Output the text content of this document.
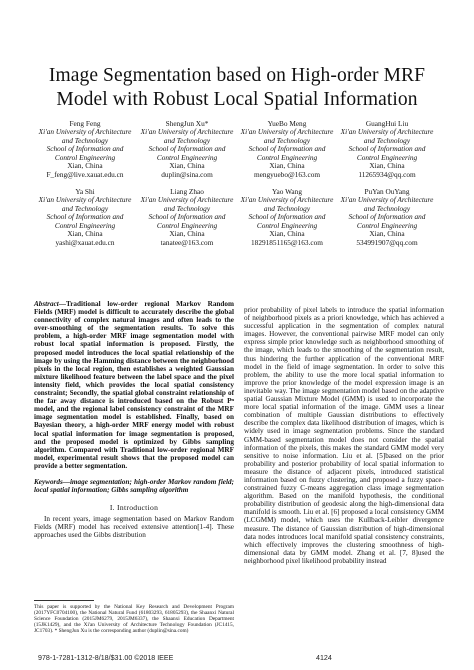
Image Segmentation based on High-order MRF
Model with Robust Local Spatial Information
Feng Feng
Xi'an University of Architecture
and Technology
School of Information and
Control Engineering
Xian, China
F_feng@live.xauat.edu.cn
ShengJun Xu*
Xi'an University of Architecture
and Technology
School of Information and
Control Engineering
Xian, China
duplin@sina.com
YueBo Meng
Xi'an University of Architecture
and Technology
School of Information and
Control Engineering
Xian, China
mengyuebo@163.com
GuangHui Liu
Xi'an University of Architecture
and Technology
School of Information and
Control Engineering
Xian, China
11265934@qq.com
Ya Shi
Xi'an University of Architecture
and Technology
School of Information and
Control Engineering
Xian, China
yashi@xauat.edu.cn
Liang Zhao
Xi'an University of Architecture
and Technology
School of Information and
Control Engineering
Xian, China
tanatee@163.com
Yao Wang
Xi'an University of Architecture
and Technology
School of Information and
Control Engineering
Xian, China
18291851165@163.com
PuYan OuYang
Xi'an University of Architecture
and Technology
School of Information and
Control Engineering
Xian, China
534991907@qq.com

Abstract—Traditional low-order regional Markov Random Fields (MRF) model is difficult to accurately describe the global connectivity of complex natural images and often leads to the over-smoothing of the segmentation results. To solve this problem, a high-order MRF image segmentation model with robust local spatial information is proposed. Firstly, the proposed model introduces the local spatial relationship of the image by using the Hamming distance between the neighborhood pixels in the local region, then establishes a weighted Gaussian mixture likelihood feature between the label space and the pixel intensity field, which provides the local spatial consistency constraint; Secondly, the spatial global constraint relationship of the far away distance is introduced based on the Robust Pⁿ model, and the regional label consistency constraint of the MRF image segmentation model is established. Finally, based on Bayesian theory, a high-order MRF energy model with robust local spatial information for image segmentation is proposed, and the proposed model is optimized by Gibbs sampling algorithm. Compared with Traditional low-order regional MRF model, experimental result shows that the proposed model can provide a better segmentation.

Keywords—image segmentation; high-order Markov random field; local spatial information; Gibbs sampling algorithm

I. Introduction

In recent years, image segmentation based on Markov Random Fields (MRF) model has received extensive attention[1-4]. These approaches used the Gibbs distribution

prior probability of pixel labels to introduce the spatial information of neighborhood pixels as a priori knowledge, which has achieved a successful application in the segmentation of complex natural images. However, the conventional pairwise MRF model can only express simple prior knowledge such as neighborhood smoothing of the image, which leads to the smoothing of the segmentation result, thus hindering the further application of the conventional MRF model in the field of image segmentation. In order to solve this problem, the ability to use the more local spatial information to improve the prior knowledge of the model expression image is an inevitable way. The image segmentation model based on the adaptive spatial Gaussian Mixture Model (GMM) is used to incorporate the more local spatial information of the image. GMM uses a linear combination of multiple Gaussian distributions to effectively describe the complex data likelihood distribution of images, which is widely used in image segmentation problems. Since the standard GMM-based segmentation model does not consider the spatial information of the pixels, this makes the standard GMM model very sensitive to noise information. Liu et al. [5]based on the prior probability and posterior probability of local spatial information to measure the distance of adjacent pixels, introduced statistical information based on fuzzy clustering, and proposed a fuzzy space-constrained fuzzy C-means aggregation class image segmentation algorithm. Based on the manifold hypothesis, the conditional probability distribution of geodesic along the high-dimensional data manifold is smooth. Liu et al. [6] proposed a local consistency GMM (LCGMM) model, which uses the Kullback-Leibler divergence measure. The distance of Gaussian distribution of high-dimensional data nodes introduces local manifold spatial consistency constraints, which effectively improves the clustering smoothness of high-dimensional data by GMM model. Zhang et al. [7, 8]used the neighborhood pixel likelihood probability instead

This paper is supported by the National Key Research and Development Program (2017YFC0704100), the National Natural Fund (61803293, 61805293), the Shaanxi Natural Science Foundation (2015JM6279, 2015JM6337), the Shaanxi Education Department (15JK1429), and the Xi'an University of Architecture Technology Foundation (JC1415, JC1703). * ShengJun Xu is the corresponding author (duplin@sina.com)
978-1-7281-1312-8/18/$31.00 ©2018 IEEE	4124
